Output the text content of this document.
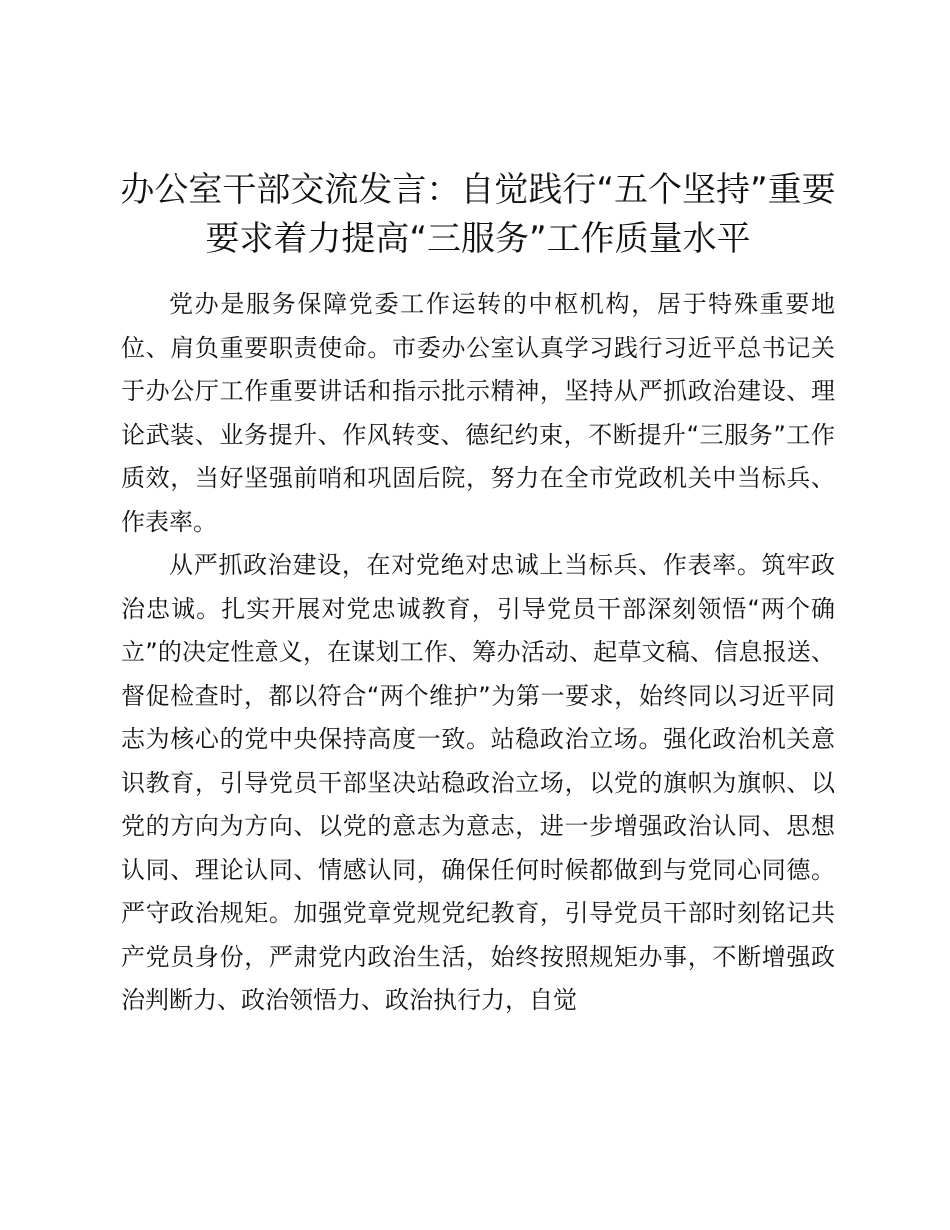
办公室干部交流发言：自觉践行“五个坚持”重要要求着力提高“三服务”工作质量水平

党办是服务保障党委工作运转的中枢机构，居于特殊重要地位、肩负重要职责使命。市委办公室认真学习践行习近平总书记关于办公厅工作重要讲话和指示批示精神，坚持从严抓政治建设、理论武装、业务提升、作风转变、德纪约束，不断提升“三服务”工作质效，当好坚强前哨和巩固后院，努力在全市党政机关中当标兵、作表率。

从严抓政治建设，在对党绝对忠诚上当标兵、作表率。筑牢政治忠诚。扎实开展对党忠诚教育，引导党员干部深刻领悟“两个确立”的决定性意义，在谋划工作、筹办活动、起草文稿、信息报送、督促检查时，都以符合“两个维护”为第一要求，始终同以习近平同志为核心的党中央保持高度一致。站稳政治立场。强化政治机关意识教育，引导党员干部坚决站稳政治立场，以党的旗帜为旗帜、以党的方向为方向、以党的意志为意志，进一步增强政治认同、思想认同、理论认同、情感认同，确保任何时候都做到与党同心同德。严守政治规矩。加强党章党规党纪教育，引导党员干部时刻铭记共产党员身份，严肃党内政治生活，始终按照规矩办事，不断增强政治判断力、政治领悟力、政治执行力，自觉
